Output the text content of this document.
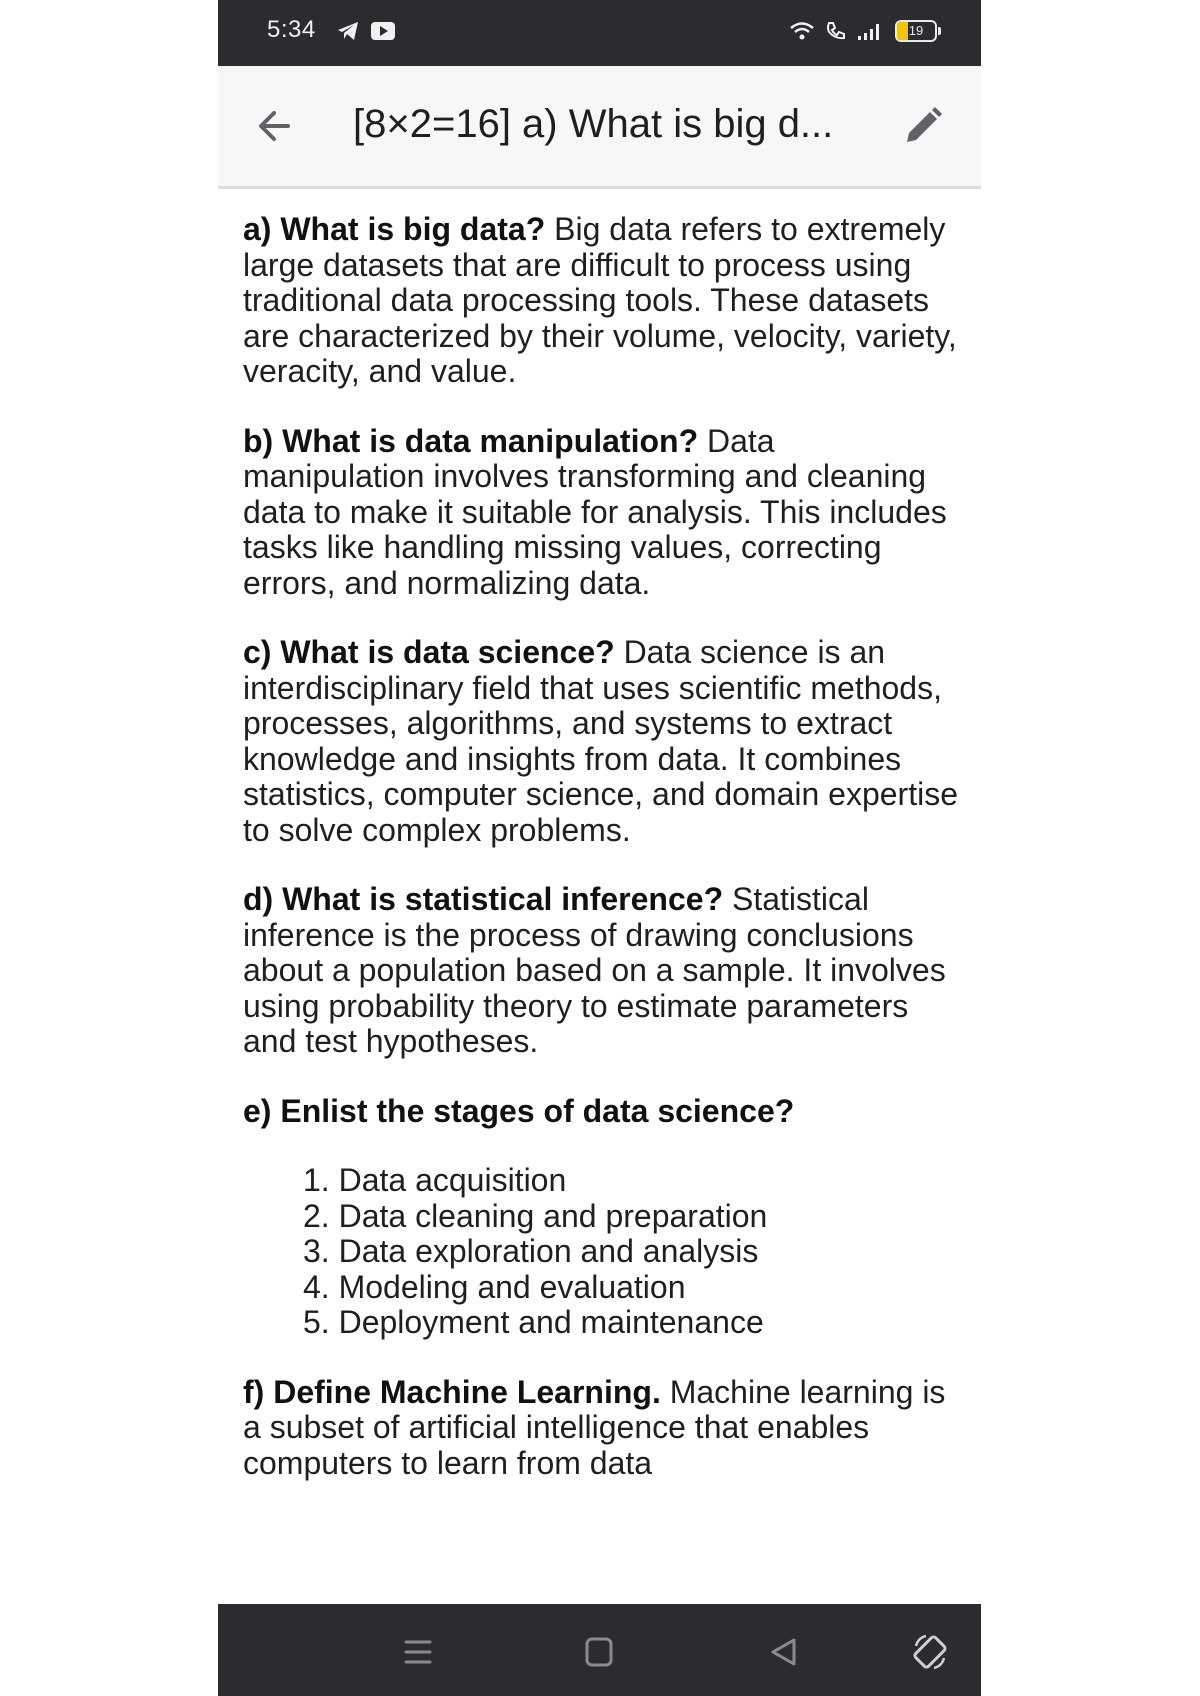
5:34	19
[8×2=16] a) What is big d...

a) What is big data? Big data refers to extremely large datasets that are difficult to process using traditional data processing tools. These datasets are characterized by their volume, velocity, variety, veracity, and value.

b) What is data manipulation? Data manipulation involves transforming and cleaning data to make it suitable for analysis. This includes tasks like handling missing values, correcting errors, and normalizing data.

c) What is data science? Data science is an interdisciplinary field that uses scientific methods, processes, algorithms, and systems to extract knowledge and insights from data. It combines statistics, computer science, and domain expertise to solve complex problems.

d) What is statistical inference? Statistical inference is the process of drawing conclusions about a population based on a sample. It involves using probability theory to estimate parameters and test hypotheses.

e) Enlist the stages of data science?

1. Data acquisition
2. Data cleaning and preparation
3. Data exploration and analysis
4. Modeling and evaluation
5. Deployment and maintenance

f) Define Machine Learning. Machine learning is a subset of artificial intelligence that enables computers to learn from data
